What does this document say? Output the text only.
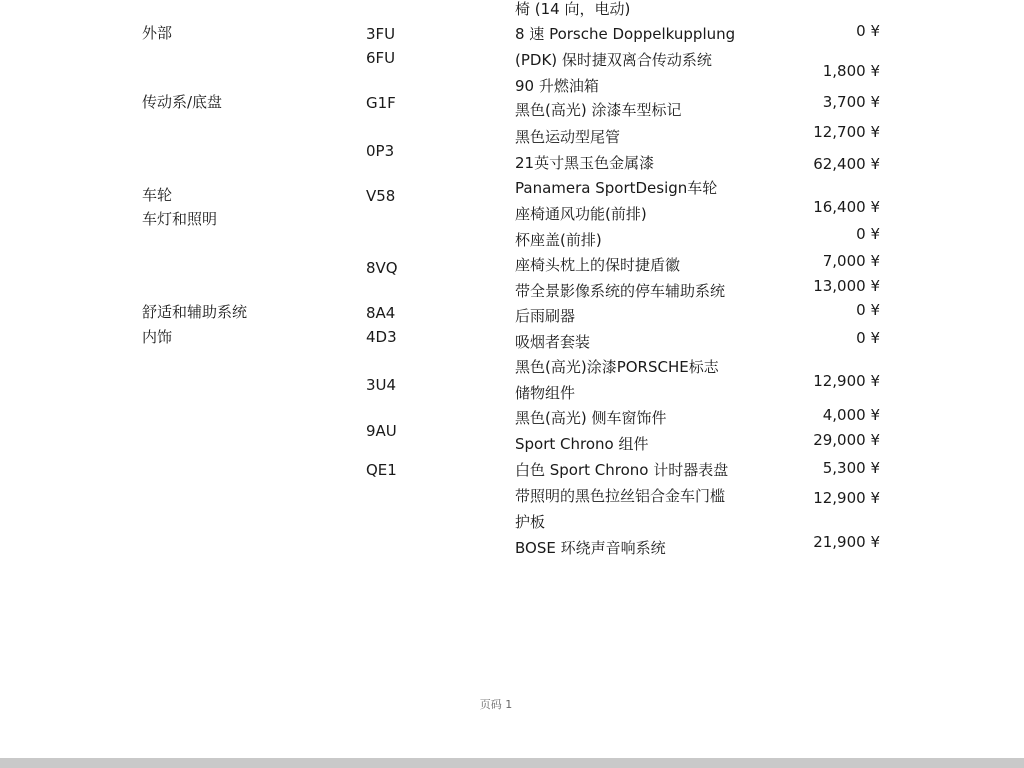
外部
传动系/底盘
车轮
车灯和照明
舒适和辅助系统
内饰
3FU
6FU
G1F
0P3
V58
8VQ
8A4
4D3
3U4
9AU
QE1
椅 (14 向，电动)
8 速 Porsche Doppelkupplung
(PDK) 保时捷双离合传动系统
90 升燃油箱
黑色(高光) 涂漆车型标记
黑色运动型尾管
21英寸黑玉色金属漆
Panamera SportDesign车轮
座椅通风功能(前排)
杯座盖(前排)
座椅头枕上的保时捷盾徽
带全景影像系统的停车辅助系统
后雨刷器
吸烟者套装
黑色(高光)涂漆PORSCHE标志
储物组件
黑色(高光) 侧车窗饰件
Sport Chrono 组件
白色 Sport Chrono 计时器表盘
带照明的黑色拉丝铝合金车门槛
护板
BOSE 环绕声音响系统
0 ¥
1,800 ¥
3,700 ¥
12,700 ¥
62,400 ¥
16,400 ¥
0 ¥
7,000 ¥
13,000 ¥
0 ¥
0 ¥
12,900 ¥
4,000 ¥
29,000 ¥
5,300 ¥
12,900 ¥
21,900 ¥
页码 1
